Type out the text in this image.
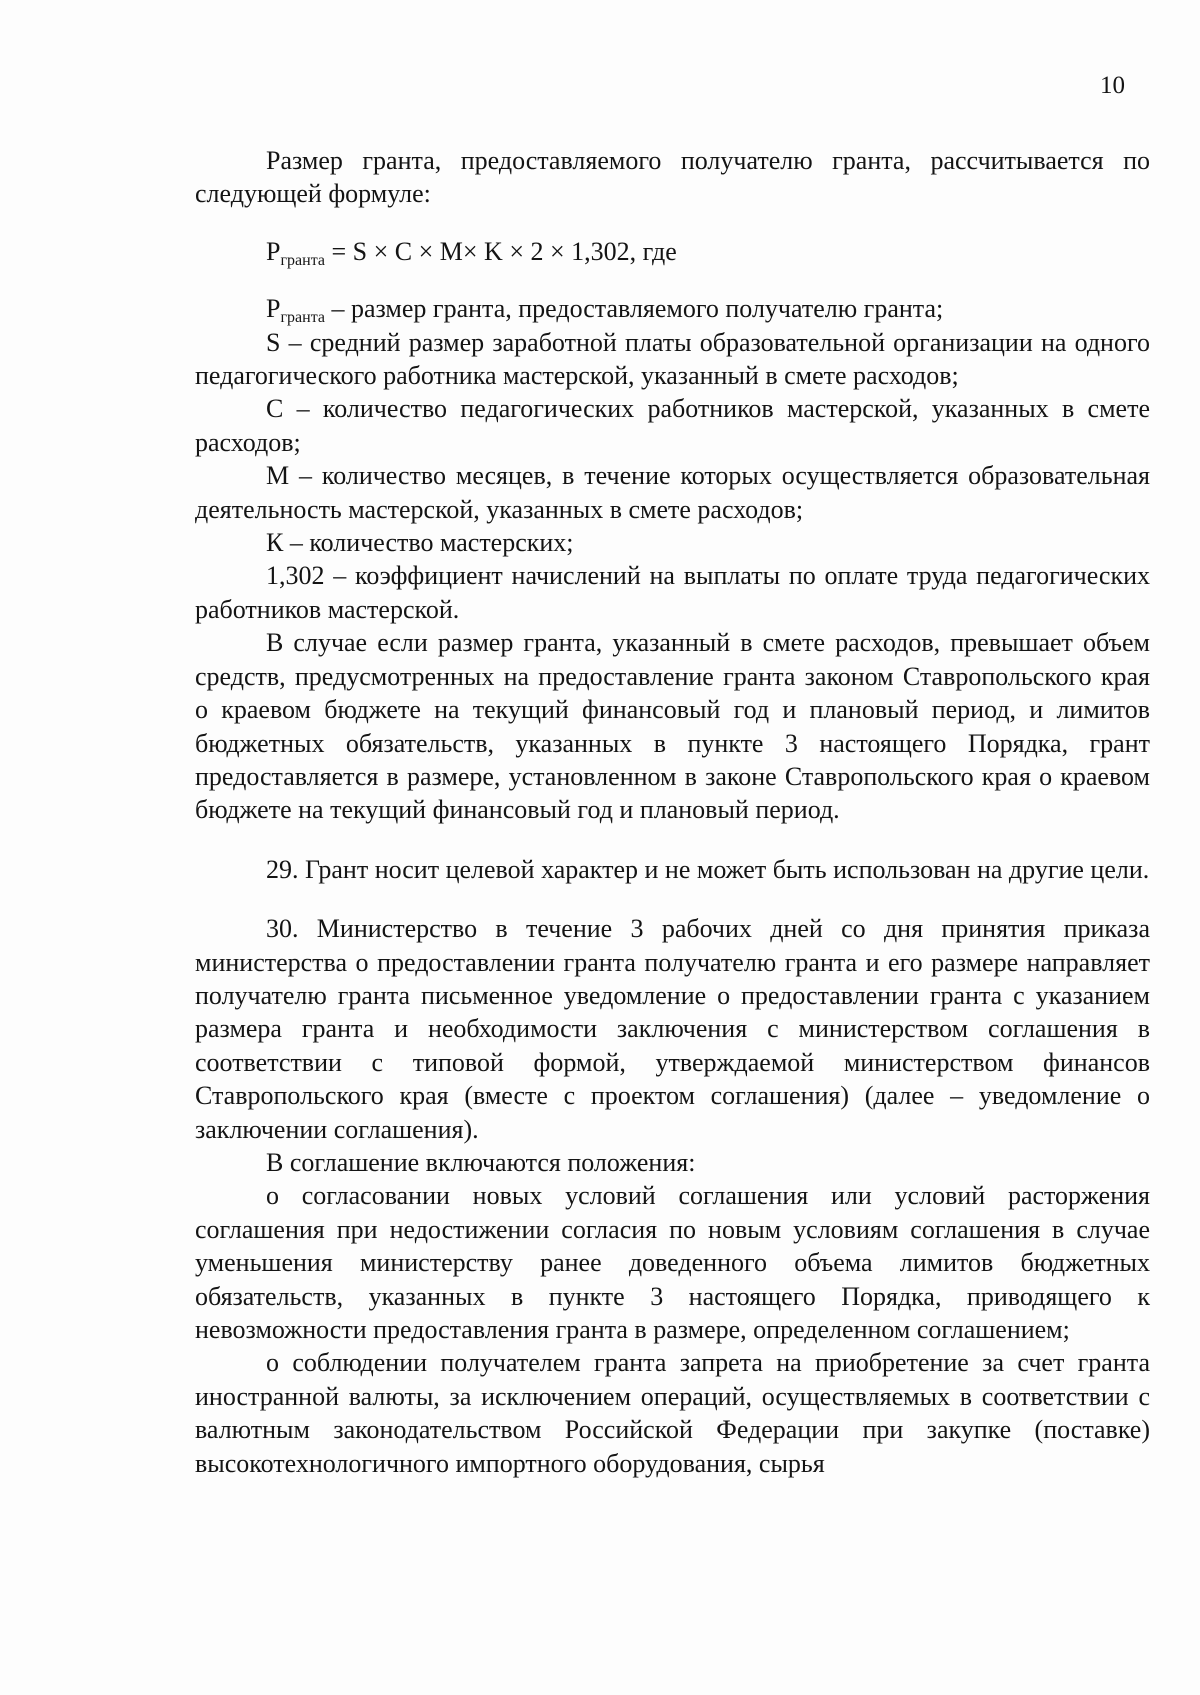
10

Размер гранта, предоставляемого получателю гранта, рассчитывается по следующей формуле:

$P_{гранта} = S \times C \times M\times K \times 2 \times 1,302$, где

$P_{гранта}$ – размер гранта, предоставляемого получателю гранта;

S – средний размер заработной платы образовательной организации на одного педагогического работника мастерской, указанный в смете расходов;

С – количество педагогических работников мастерской, указанных в смете расходов;

М – количество месяцев, в течение которых осуществляется образовательная деятельность мастерской, указанных в смете расходов;

К – количество мастерских;

1,302 – коэффициент начислений на выплаты по оплате труда педагогических работников мастерской.

В случае если размер гранта, указанный в смете расходов, превышает объем средств, предусмотренных на предоставление гранта законом Ставропольского края о краевом бюджете на текущий финансовый год и плановый период, и лимитов бюджетных обязательств, указанных в пункте 3 настоящего Порядка, грант предоставляется в размере, установленном в законе Ставропольского края о краевом бюджете на текущий финансовый год и плановый период.

29. Грант носит целевой характер и не может быть использован на другие цели.

30. Министерство в течение 3 рабочих дней со дня принятия приказа министерства о предоставлении гранта получателю гранта и его размере направляет получателю гранта письменное уведомление о предоставлении гранта с указанием размера гранта и необходимости заключения с министерством соглашения в соответствии с типовой формой, утверждаемой министерством финансов Ставропольского края (вместе с проектом соглашения) (далее – уведомление о заключении соглашения).

В соглашение включаются положения:

о согласовании новых условий соглашения или условий расторжения соглашения при недостижении согласия по новым условиям соглашения в случае уменьшения министерству ранее доведенного объема лимитов бюджетных обязательств, указанных в пункте 3 настоящего Порядка, приводящего к невозможности предоставления гранта в размере, определенном соглашением;

о соблюдении получателем гранта запрета на приобретение за счет гранта иностранной валюты, за исключением операций, осуществляемых в соответствии с валютным законодательством Российской Федерации при закупке (поставке) высокотехнологичного импортного оборудования, сырья
